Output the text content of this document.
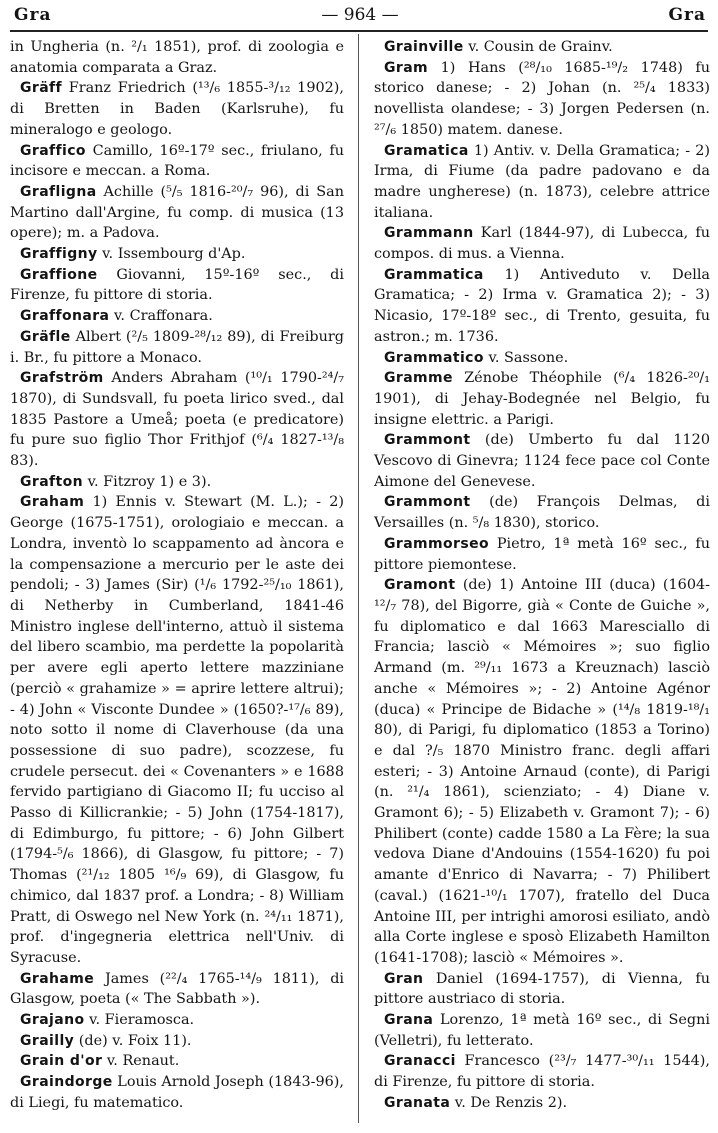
Gra	— 964 —	Gra

in Ungheria (n. ²/₁ 1851), prof. di zoologia e anatomia comparata a Graz.

Gräff Franz Friedrich (¹³/₆ 1855-³/₁₂ 1902), di Bretten in Baden (Karlsruhe), fu mineralogo e geologo.

Graffico Camillo, 16º-17º sec., friulano, fu incisore e meccan. a Roma.

Grafligna Achille (⁵/₅ 1816-²⁰/₇ 96), di San Martino dall'Argine, fu comp. di musica (13 opere); m. a Padova.

Graffigny v. Issembourg d'Ap.

Graffione Giovanni, 15º-16º sec., di Firenze, fu pittore di storia.

Graffonara v. Craffonara.

Gräfle Albert (²/₅ 1809-²⁸/₁₂ 89), di Freiburg i. Br., fu pittore a Monaco.

Grafström Anders Abraham (¹⁰/₁ 1790-²⁴/₇ 1870), di Sundsvall, fu poeta lirico sved., dal 1835 Pastore a Umeå; poeta (e predicatore) fu pure suo figlio Thor Frithjof (⁶/₄ 1827-¹³/₈ 83).

Grafton v. Fitzroy 1) e 3).

Graham 1) Ennis v. Stewart (M. L.); - 2) George (1675-1751), orologiaio e meccan. a Londra, inventò lo scappamento ad àncora e la compensazione a mercurio per le aste dei pendoli; - 3) James (Sir) (¹/₆ 1792-²⁵/₁₀ 1861), di Netherby in Cumberland, 1841-46 Ministro inglese dell'interno, attuò il sistema del libero scambio, ma perdette la popolarità per avere egli aperto lettere mazziniane (perciò « grahamize » = aprire lettere altrui); - 4) John « Visconte Dundee » (1650?-¹⁷/₆ 89), noto sotto il nome di Claverhouse (da una possessione di suo padre), scozzese, fu crudele persecut. dei « Covenanters » e 1688 fervido partigiano di Giacomo II; fu ucciso al Passo di Killicrankie; - 5) John (1754-1817), di Edimburgo, fu pittore; - 6) John Gilbert (1794-⁵/₆ 1866), di Glasgow, fu pittore; - 7) Thomas (²¹/₁₂ 1805 ¹⁶/₉ 69), di Glasgow, fu chimico, dal 1837 prof. a Londra; - 8) William Pratt, di Oswego nel New York (n. ²⁴/₁₁ 1871), prof. d'ingegneria elettrica nell'Univ. di Syracuse.

Grahame James (²²/₄ 1765-¹⁴/₉ 1811), di Glasgow, poeta (« The Sabbath »).

Grajano v. Fieramosca.

Grailly (de) v. Foix 11).

Grain d'or v. Renaut.

Graindorge Louis Arnold Joseph (1843-96), di Liegi, fu matematico.

Grainville v. Cousin de Grainv.

Gram 1) Hans (²⁸/₁₀ 1685-¹⁹/₂ 1748) fu storico danese; - 2) Johan (n. ²⁵/₄ 1833) novellista olandese; - 3) Jorgen Pedersen (n. ²⁷/₆ 1850) matem. danese.

Gramatica 1) Antiv. v. Della Gramatica; - 2) Irma, di Fiume (da padre padovano e da madre ungherese) (n. 1873), celebre attrice italiana.

Grammann Karl (1844-97), di Lubecca, fu compos. di mus. a Vienna.

Grammatica 1) Antiveduto v. Della Gramatica; - 2) Irma v. Gramatica 2); - 3) Nicasio, 17º-18º sec., di Trento, gesuita, fu astron.; m. 1736.

Grammatico v. Sassone.

Gramme Zénobe Théophile (⁶/₄ 1826-²⁰/₁ 1901), di Jehay-Bodegnée nel Belgio, fu insigne elettric. a Parigi.

Grammont (de) Umberto fu dal 1120 Vescovo di Ginevra; 1124 fece pace col Conte Aimone del Genevese.

Grammont (de) François Delmas, di Versailles (n. ⁵/₈ 1830), storico.

Grammorseo Pietro, 1ª metà 16º sec., fu pittore piemontese.

Gramont (de) 1) Antoine III (duca) (1604-¹²/₇ 78), del Bigorre, già « Conte de Guiche », fu diplomatico e dal 1663 Maresciallo di Francia; lasciò « Mémoires »; suo figlio Armand (m. ²⁹/₁₁ 1673 a Kreuznach) lasciò anche « Mémoires »; - 2) Antoine Agénor (duca) « Principe de Bidache » (¹⁴/₈ 1819-¹⁸/₁ 80), di Parigi, fu diplomatico (1853 a Torino) e dal ?/₅ 1870 Ministro franc. degli affari esteri; - 3) Antoine Arnaud (conte), di Parigi (n. ²¹/₄ 1861), scienziato; - 4) Diane v. Gramont 6); - 5) Elizabeth v. Gramont 7); - 6) Philibert (conte) cadde 1580 a La Fère; la sua vedova Diane d'Andouins (1554-1620) fu poi amante d'Enrico di Navarra; - 7) Philibert (caval.) (1621-¹⁰/₁ 1707), fratello del Duca Antoine III, per intrighi amorosi esiliato, andò alla Corte inglese e sposò Elizabeth Hamilton (1641-1708); lasciò « Mémoires ».

Gran Daniel (1694-1757), di Vienna, fu pittore austriaco di storia.

Grana Lorenzo, 1ª metà 16º sec., di Segni (Velletri), fu letterato.

Granacci Francesco (²³/₇ 1477-³⁰/₁₁ 1544), di Firenze, fu pittore di storia.

Granata v. De Renzis 2).
